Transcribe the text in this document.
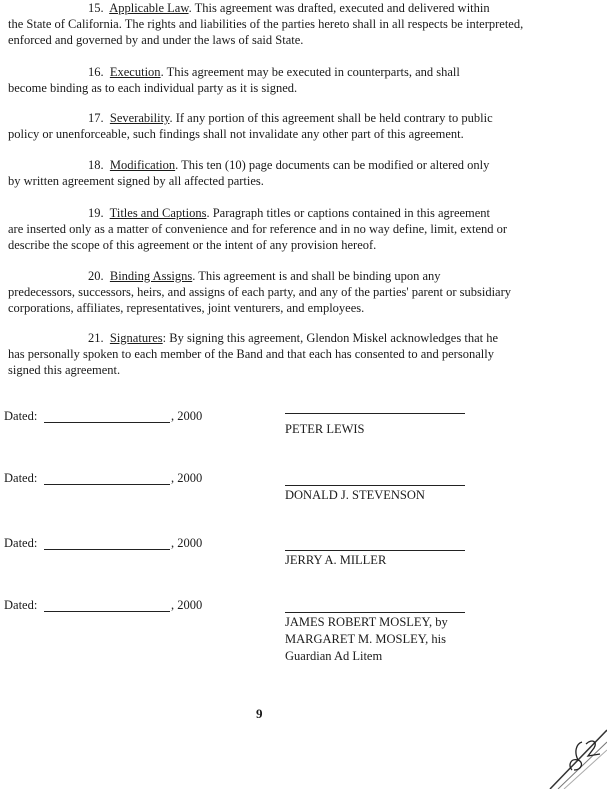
15. Applicable Law. This agreement was drafted, executed and delivered within
the State of California. The rights and liabilities of the parties hereto shall in all respects be interpreted, enforced and governed by and under the laws of said State.
16. Execution. This agreement may be executed in counterparts, and shall
become binding as to each individual party as it is signed.
17. Severability. If any portion of this agreement shall be held contrary to public
policy or unenforceable, such findings shall not invalidate any other part of this agreement.
18. Modification. This ten (10) page documents can be modified or altered only
by written agreement signed by all affected parties.
19. Titles and Captions. Paragraph titles or captions contained in this agreement
are inserted only as a matter of convenience and for reference and in no way define, limit, extend or describe the scope of this agreement or the intent of any provision hereof.
20. Binding Assigns. This agreement is and shall be binding upon any
predecessors, successors, heirs, and assigns of each party, and any of the parties' parent or subsidiary corporations, affiliates, representatives, joint venturers, and employees.
21. Signatures: By signing this agreement, Glendon Miskel acknowledges that he
has personally spoken to each member of the Band and that each has consented to and personally signed this agreement.
Dated:	, 2000
PETER LEWIS
Dated:	, 2000
DONALD J. STEVENSON
Dated:	, 2000
JERRY A. MILLER
Dated:	, 2000
JAMES ROBERT MOSLEY, by
MARGARET M. MOSLEY, his
Guardian Ad Litem
9
